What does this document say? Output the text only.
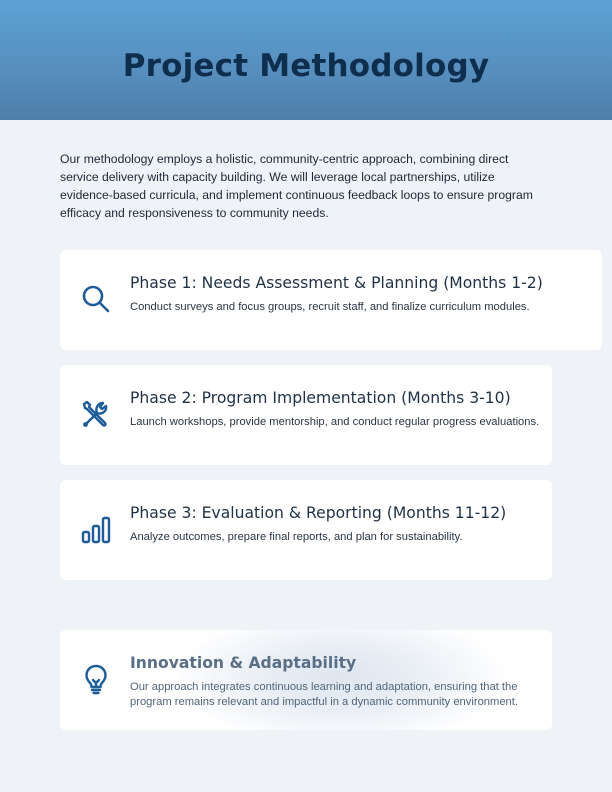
Project Methodology

Our methodology employs a holistic, community-centric approach, combining direct service delivery with capacity building. We will leverage local partnerships, utilize evidence-based curricula, and implement continuous feedback loops to ensure program efficacy and responsiveness to community needs.

Phase 1: Needs Assessment & Planning (Months 1-2)

Conduct surveys and focus groups, recruit staff, and finalize curriculum modules.

Phase 2: Program Implementation (Months 3-10)

Launch workshops, provide mentorship, and conduct regular progress evaluations.

Phase 3: Evaluation & Reporting (Months 11-12)

Analyze outcomes, prepare final reports, and plan for sustainability.

Innovation & Adaptability

Our approach integrates continuous learning and adaptation, ensuring that the program remains relevant and impactful in a dynamic community environment.
